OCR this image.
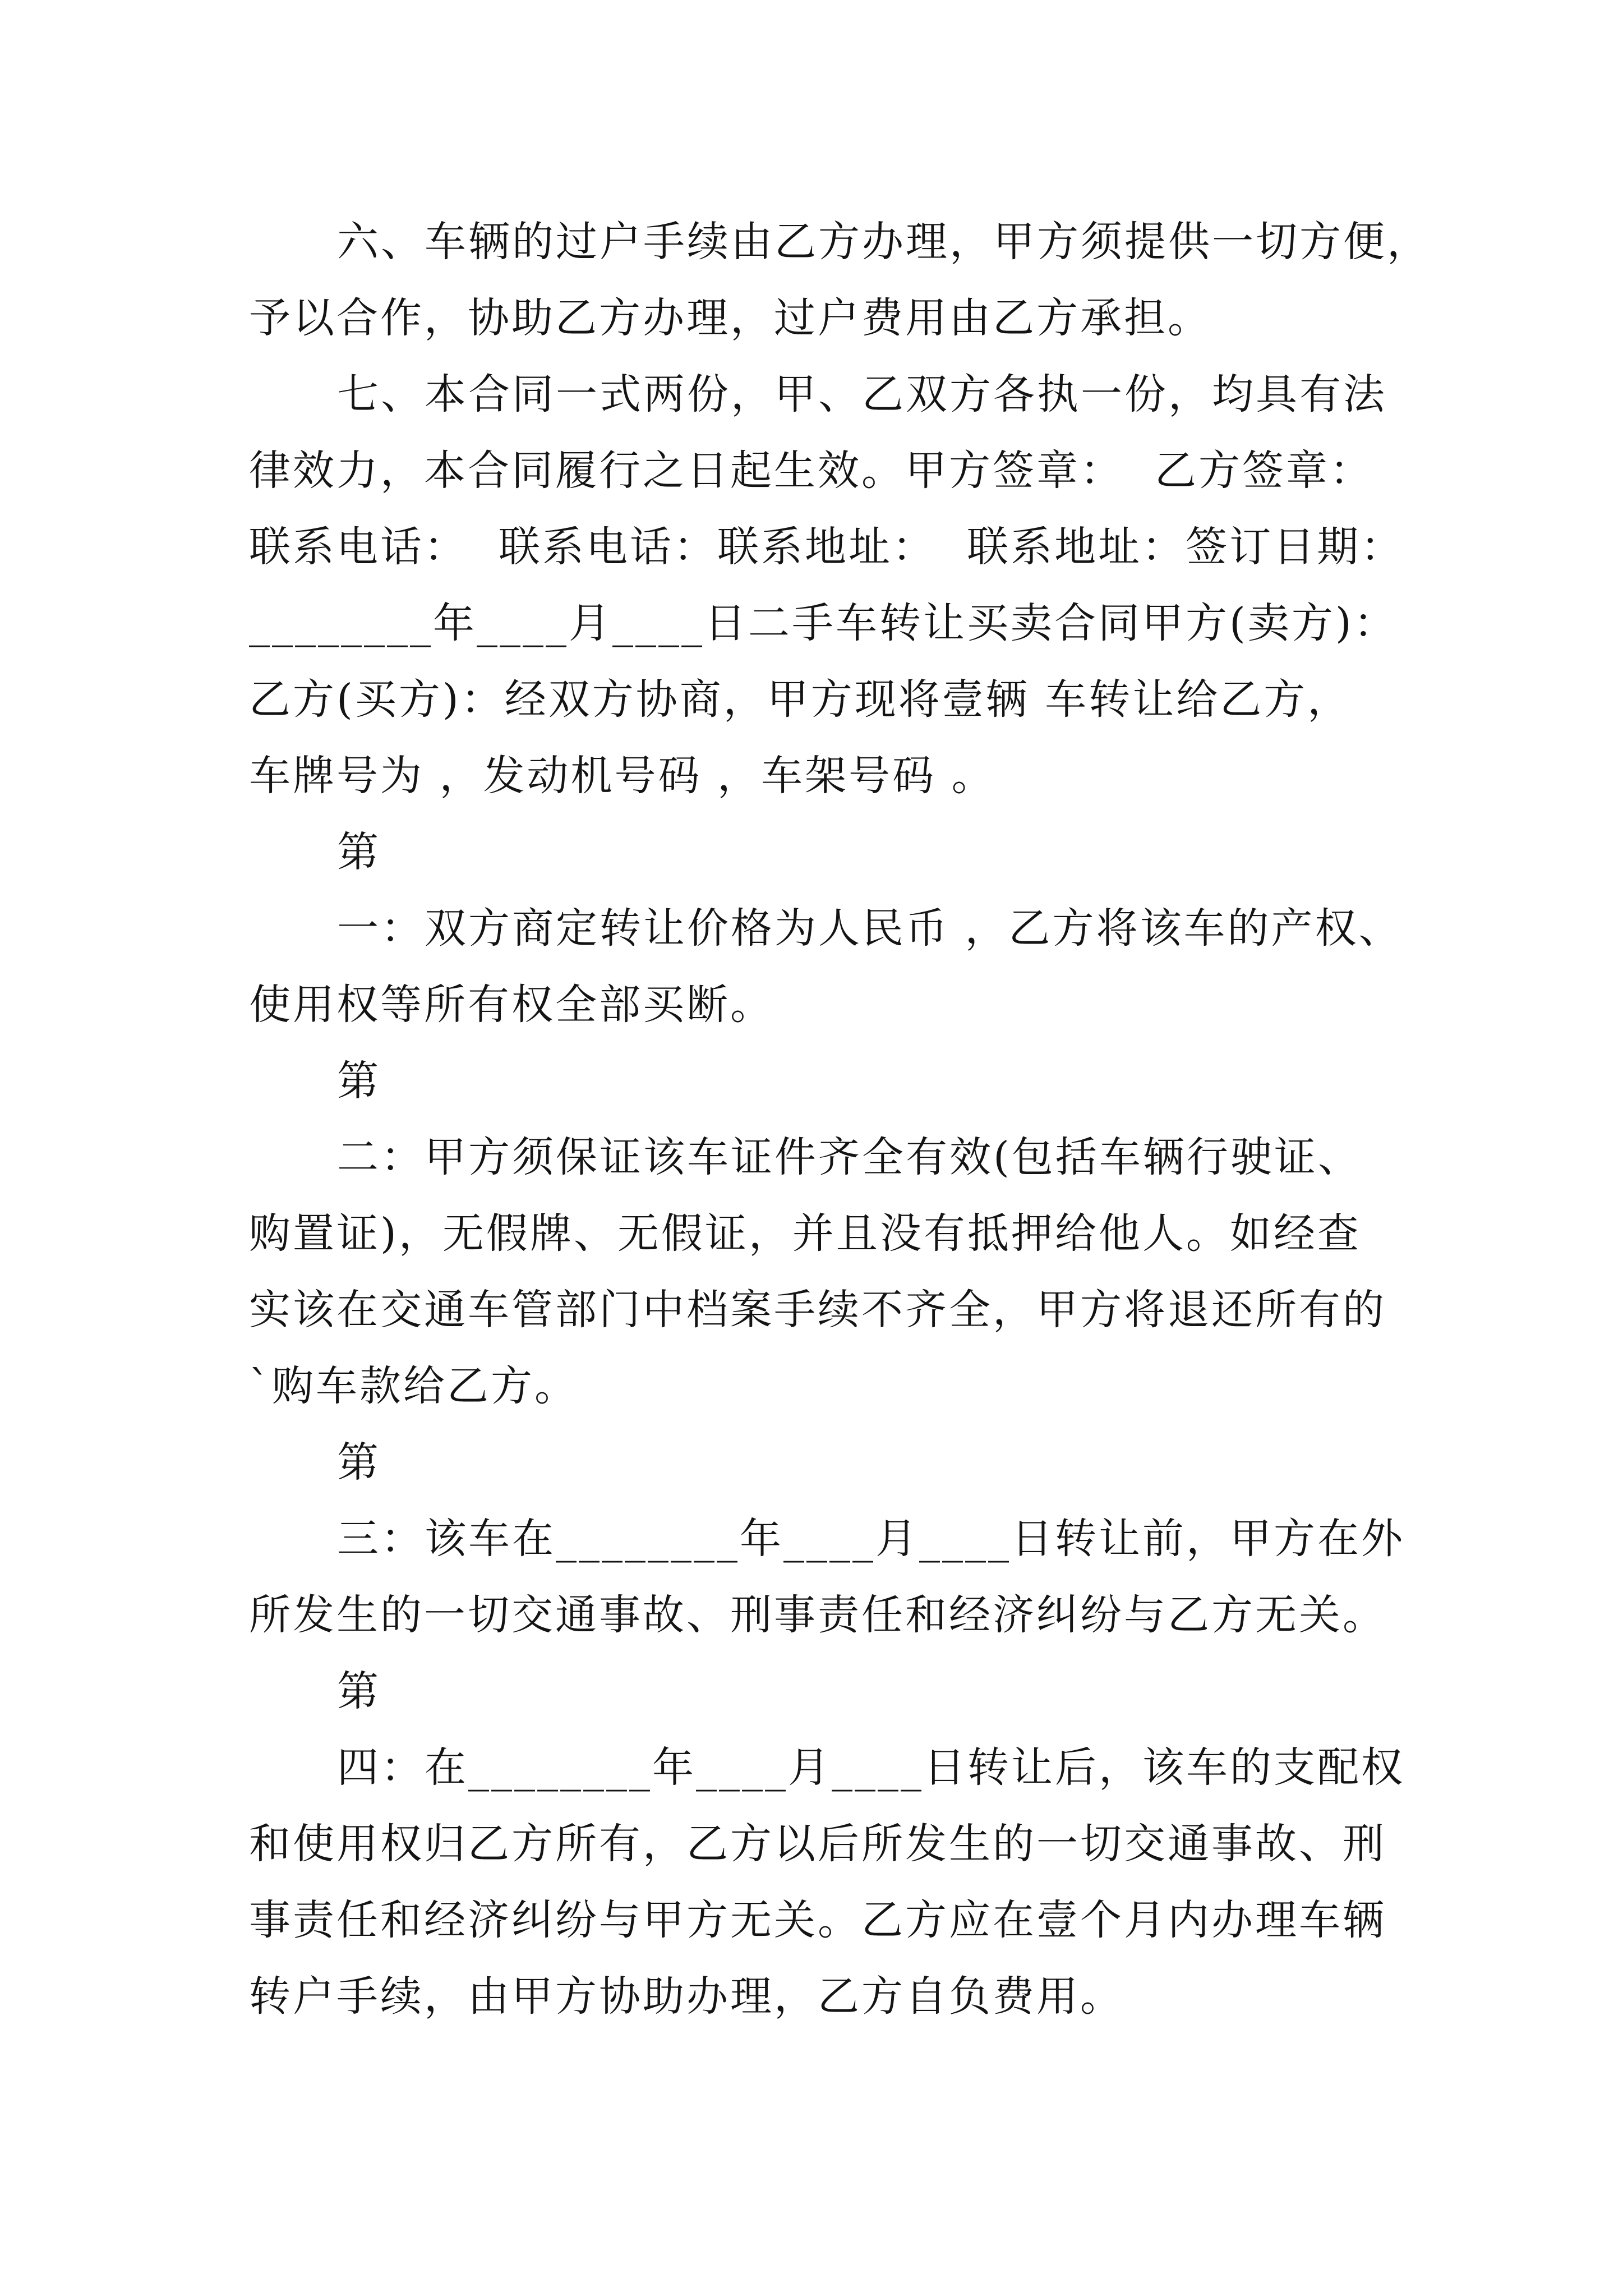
六、车辆的过户手续由乙方办理，甲方须提供一切方便，
予以合作，协助乙方办理，过户费用由乙方承担。
七、本合同一式两份，甲、乙双方各执一份，均具有法
律效力，本合同履行之日起生效。甲方签章：  乙方签章：
联系电话：  联系电话：联系地址：  联系地址：签订日期：
________年____月____日二手车转让买卖合同甲方(卖方)：
乙方(买方)：经双方协商，甲方现将壹辆 车转让给乙方，
车牌号为 ，发动机号码 ，车架号码 。
第
一：双方商定转让价格为人民币 ，乙方将该车的产权、
使用权等所有权全部买断。
第
二：甲方须保证该车证件齐全有效(包括车辆行驶证、
购置证)，无假牌、无假证，并且没有抵押给他人。如经查
实该在交通车管部门中档案手续不齐全，甲方将退还所有的
`购车款给乙方。
第
三：该车在________年____月____日转让前，甲方在外
所发生的一切交通事故、刑事责任和经济纠纷与乙方无关。
第
四：在________年____月____日转让后，该车的支配权
和使用权归乙方所有，乙方以后所发生的一切交通事故、刑
事责任和经济纠纷与甲方无关。乙方应在壹个月内办理车辆
转户手续，由甲方协助办理，乙方自负费用。
